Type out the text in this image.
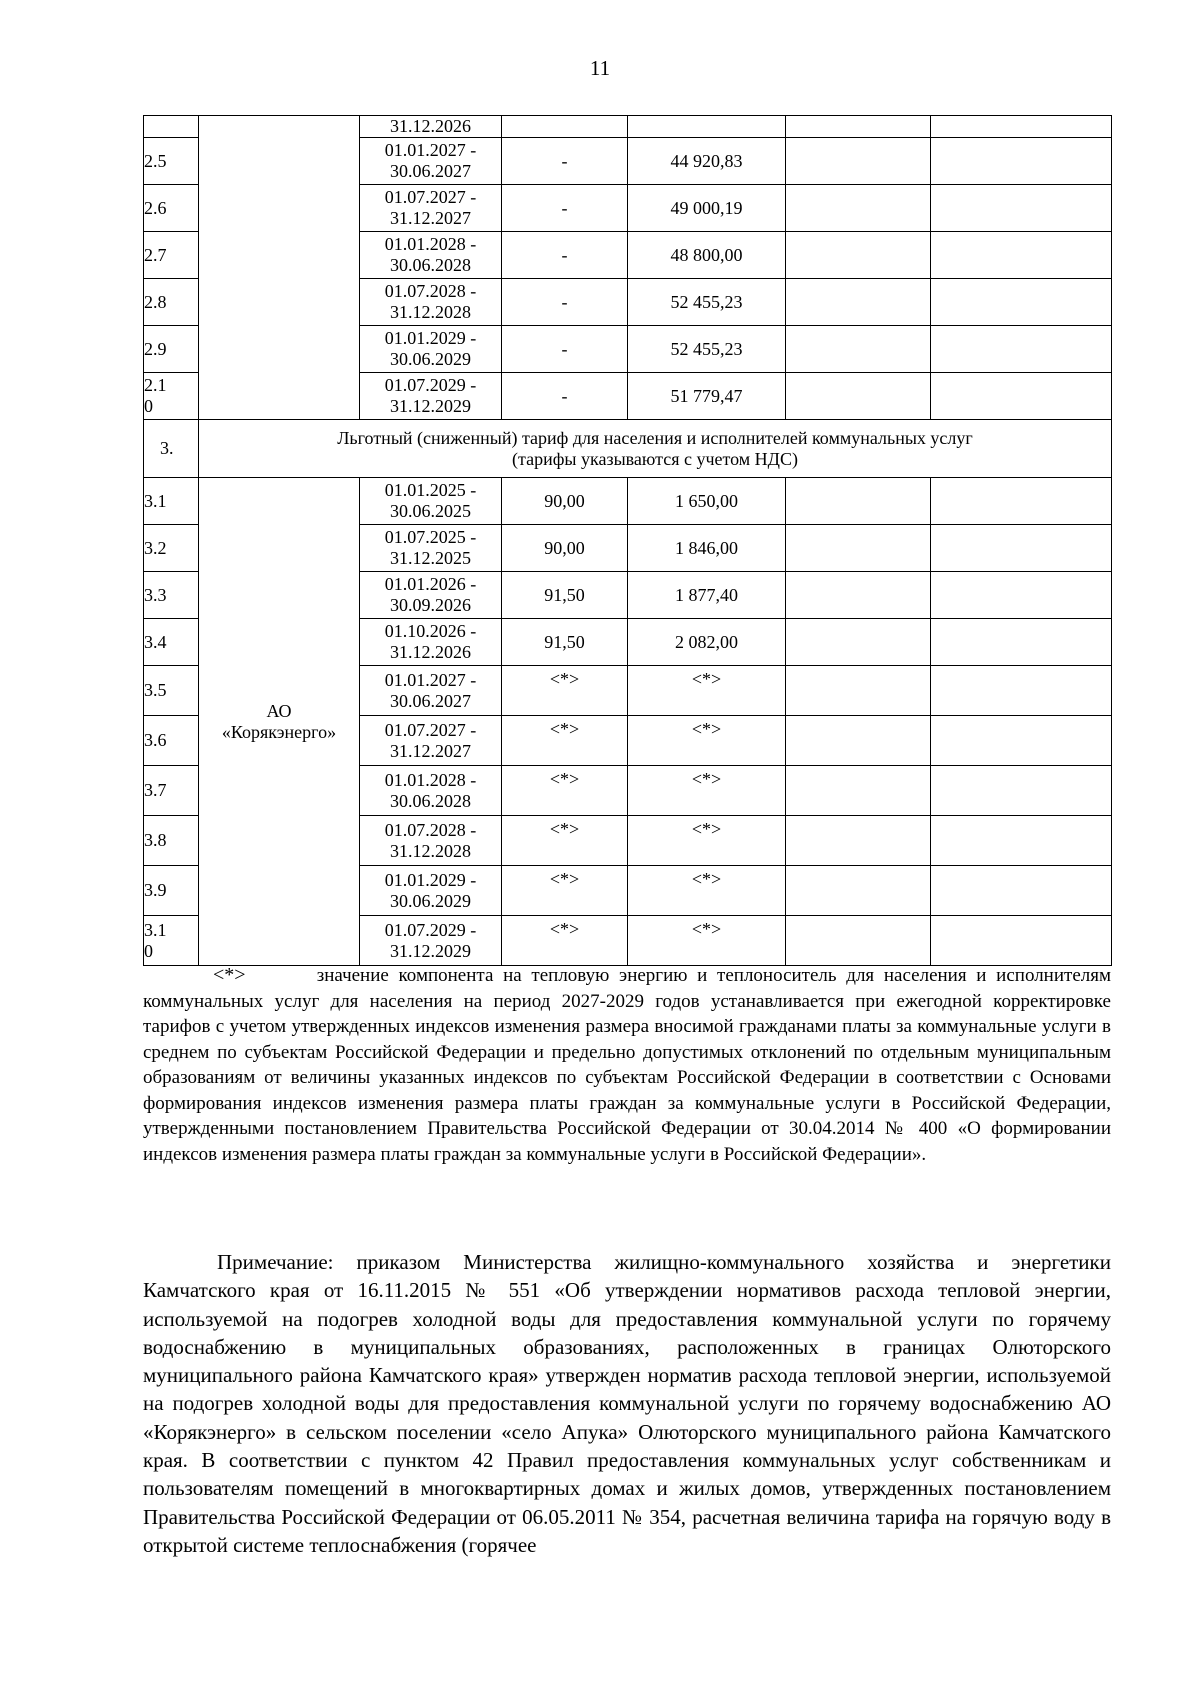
11
		31.12.2026				
2.5		01.01.2027 -
30.06.2027	-	44 920,83		
2.6		01.07.2027 -
31.12.2027	-	49 000,19		
2.7		01.01.2028 -
30.06.2028	-	48 800,00		
2.8		01.07.2028 -
31.12.2028	-	52 455,23		
2.9		01.01.2029 -
30.06.2029	-	52 455,23		

2.1
0		01.07.2029 -
31.12.2029	-	51 779,47		
3.	Льготный (сниженный) тариф для населения и исполнителей коммунальных услуг
(тарифы указываются с учетом НДС)					

3.1	АО
«Корякэнерго»	01.01.2025 -
30.06.2025	90,00	1 650,00		
3.2		01.07.2025 -
31.12.2025	90,00	1 846,00		
3.3		01.01.2026 -
30.09.2026	91,50	1 877,40		
3.4		01.10.2026 -
31.12.2026	91,50	2 082,00		
3.5		01.01.2027 -
30.06.2027	<*>	<*>		
3.6		01.07.2027 -
31.12.2027	<*>	<*>		
3.7		01.01.2028 -
30.06.2028	<*>	<*>		
3.8		01.07.2028 -
31.12.2028	<*>	<*>		
3.9		01.01.2029 -
30.06.2029	<*>	<*>		

3.1
0		01.07.2029 -
31.12.2029	<*>	<*>		
<*>	значение компонента на тепловую энергию и теплоноситель для населения и исполнителям коммунальных услуг для населения на период 2027-2029 годов устанавливается при ежегодной корректировке тарифов с учетом утвержденных индексов изменения размера вносимой гражданами платы за коммунальные услуги в среднем по субъектам Российской Федерации и предельно допустимых отклонений по отдельным муниципальным образованиям от величины указанных индексов по субъектам Российской Федерации в соответствии с Основами формирования индексов изменения размера платы граждан за коммунальные услуги в Российской Федерации, утвержденными постановлением Правительства Российской Федерации от 30.04.2014 № 400 «О формировании индексов изменения размера платы граждан за коммунальные услуги в Российской Федерации».

Примечание: приказом Министерства жилищно-коммунального хозяйства и энергетики Камчатского края от 16.11.2015 № 551 «Об утверждении нормативов расхода тепловой энергии, используемой на подогрев холодной воды для предоставления коммунальной услуги по горячему водоснабжению в муниципальных образованиях, расположенных в границах Олюторского муниципального района Камчатского края» утвержден норматив расхода тепловой энергии, используемой на подогрев холодной воды для предоставления коммунальной услуги по горячему водоснабжению АО «Корякэнерго» в сельском поселении «село Апука» Олюторского муниципального района Камчатского края. В соответствии с пунктом 42 Правил предоставления коммунальных услуг собственникам и пользователям помещений в многоквартирных домах и жилых домов, утвержденных постановлением Правительства Российской Федерации от 06.05.2011 № 354, расчетная величина тарифа на горячую воду в открытой системе теплоснабжения (горячее
